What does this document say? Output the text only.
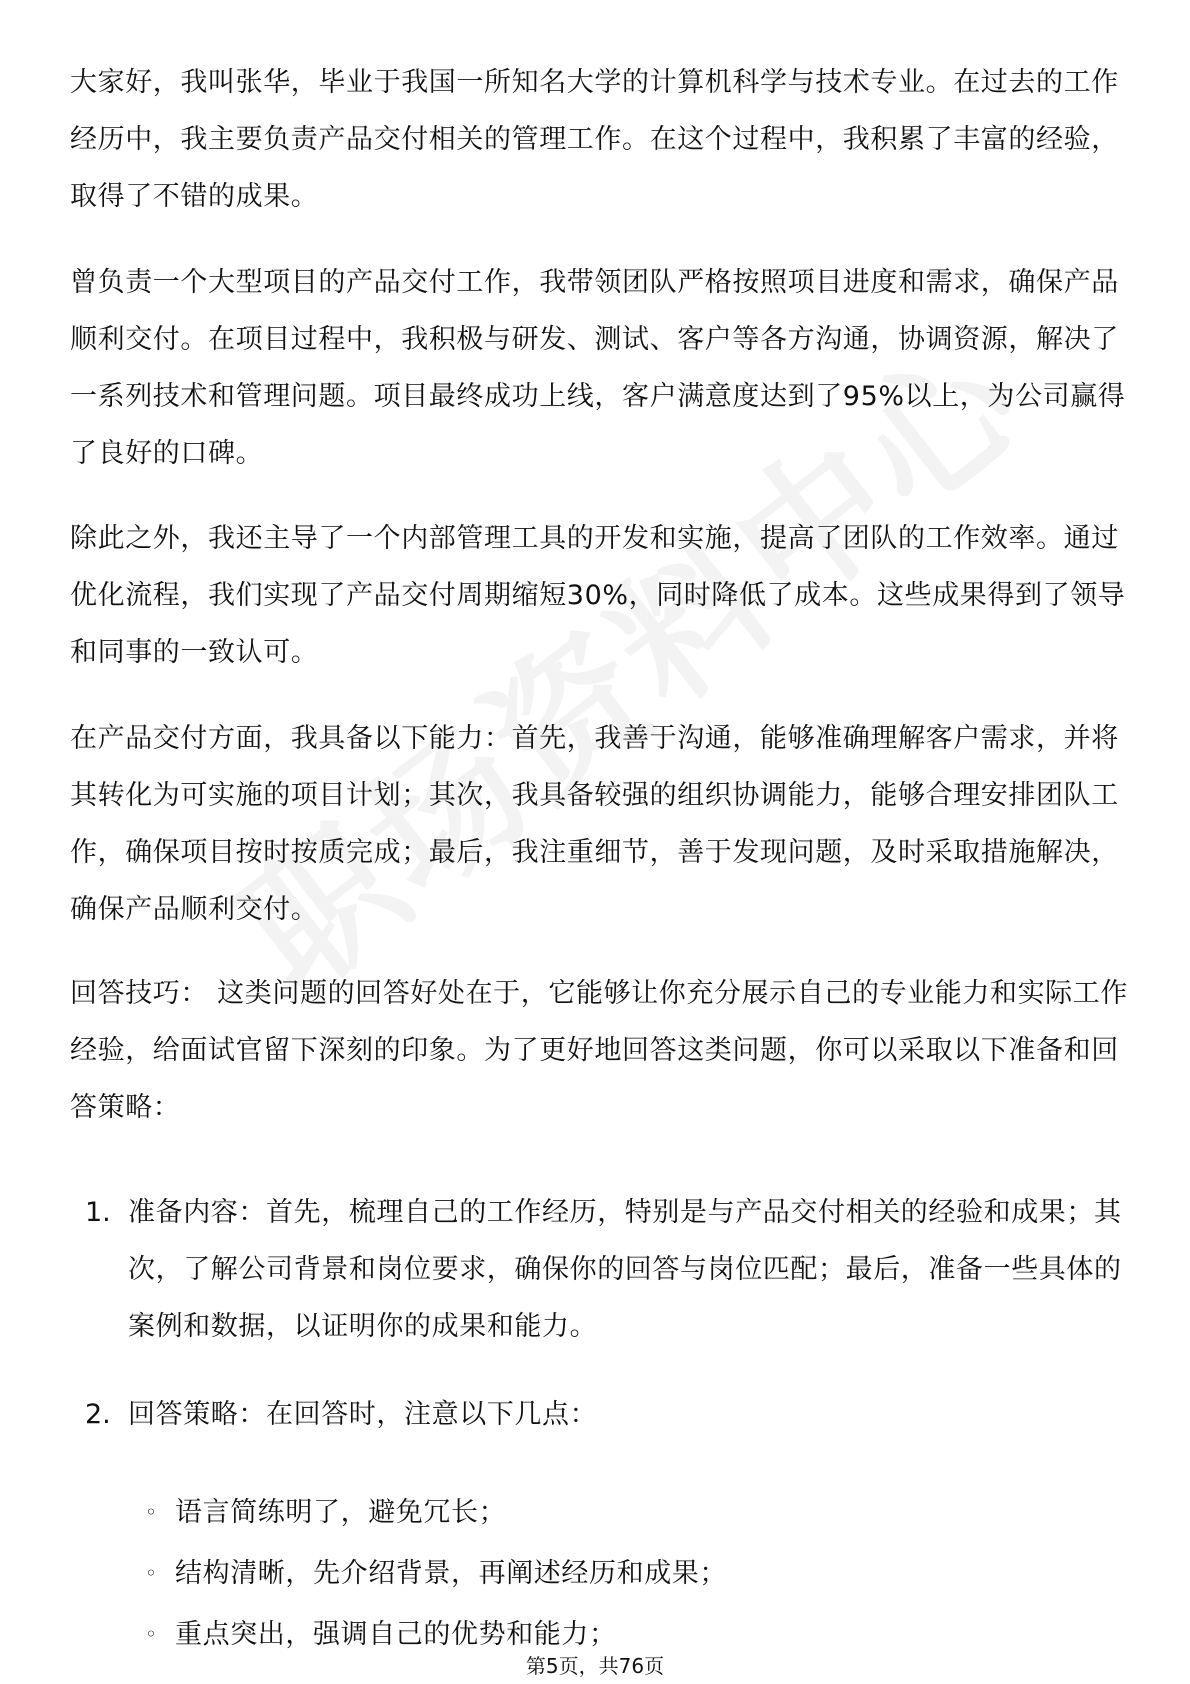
大家好，我叫张华，毕业于我国一所知名大学的计算机科学与技术专业。在过去的工作经历中，我主要负责产品交付相关的管理工作。在这个过程中，我积累了丰富的经验，取得了不错的成果。

曾负责一个大型项目的产品交付工作，我带领团队严格按照项目进度和需求，确保产品顺利交付。在项目过程中，我积极与研发、测试、客户等各方沟通，协调资源，解决了一系列技术和管理问题。项目最终成功上线，客户满意度达到了95%以上，为公司赢得了良好的口碑。

除此之外，我还主导了一个内部管理工具的开发和实施，提高了团队的工作效率。通过优化流程，我们实现了产品交付周期缩短30%，同时降低了成本。这些成果得到了领导和同事的一致认可。

在产品交付方面，我具备以下能力：首先，我善于沟通，能够准确理解客户需求，并将其转化为可实施的项目计划；其次，我具备较强的组织协调能力，能够合理安排团队工作，确保项目按时按质完成；最后，我注重细节，善于发现问题，及时采取措施解决，确保产品顺利交付。

回答技巧： 这类问题的回答好处在于，它能够让你充分展示自己的专业能力和实际工作经验，给面试官留下深刻的印象。为了更好地回答这类问题，你可以采取以下准备和回答策略：

1. 准备内容：首先，梳理自己的工作经历，特别是与产品交付相关的经验和成果；其次，了解公司背景和岗位要求，确保你的回答与岗位匹配；最后，准备一些具体的案例和数据，以证明你的成果和能力。

2. 回答策略：在回答时，注意以下几点：

◦ 语言简练明了，避免冗长；

◦ 结构清晰，先介绍背景，再阐述经历和成果；

◦ 重点突出，强调自己的优势和能力；

第5页，共76页
